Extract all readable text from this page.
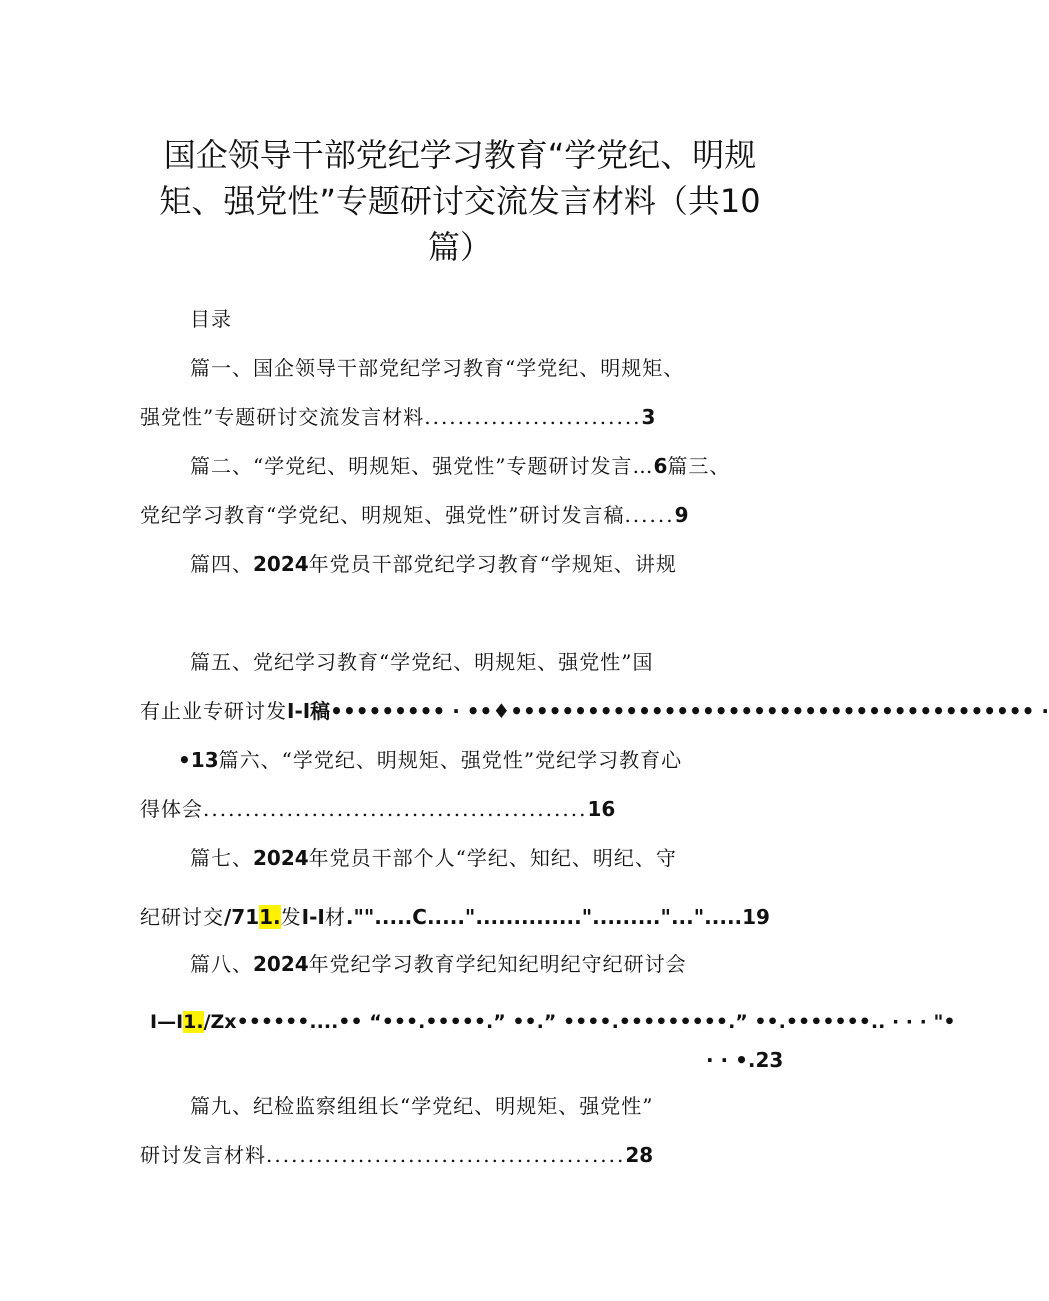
国企领导干部党纪学习教育“学党纪、明规
矩、强党性”专题研讨交流发言材料（共10
篇）
目录
篇一、国企领导干部党纪学习教育“学党纪、明规矩、
强党性”专题研讨交流发言材料..........................3
篇二、“学党纪、明规矩、强党性”专题研讨发言…6篇三、
党纪学习教育“学党纪、明规矩、强党性”研讨发言稿......9
篇四、2024年党员干部党纪学习教育“学规矩、讲规
篇五、党纪学习教育“学党纪、明规矩、强党性”国
有止业专研讨发I-I稿••••••••• · ••♦••••••••••••••••••••••••••••••••••••••••• ·
•13篇六、“学党纪、明规矩、强党性”党纪学习教育心
得体会..............................................16
篇七、2024年党员干部个人“学纪、知纪、明纪、守
纪研讨交/711.发I-I材."".....C.....".............."........."...".....19
篇八、2024年党纪学习教育学纪知纪明纪守纪研讨会
I—I1./Zx••••••....•• “•••.•••••.” ••.” ••••.•••••••••.” ••.•••••••.. · · · "•
· · •.23
篇九、纪检监察组组长“学党纪、明规矩、强党性”
研讨发言材料...........................................28
